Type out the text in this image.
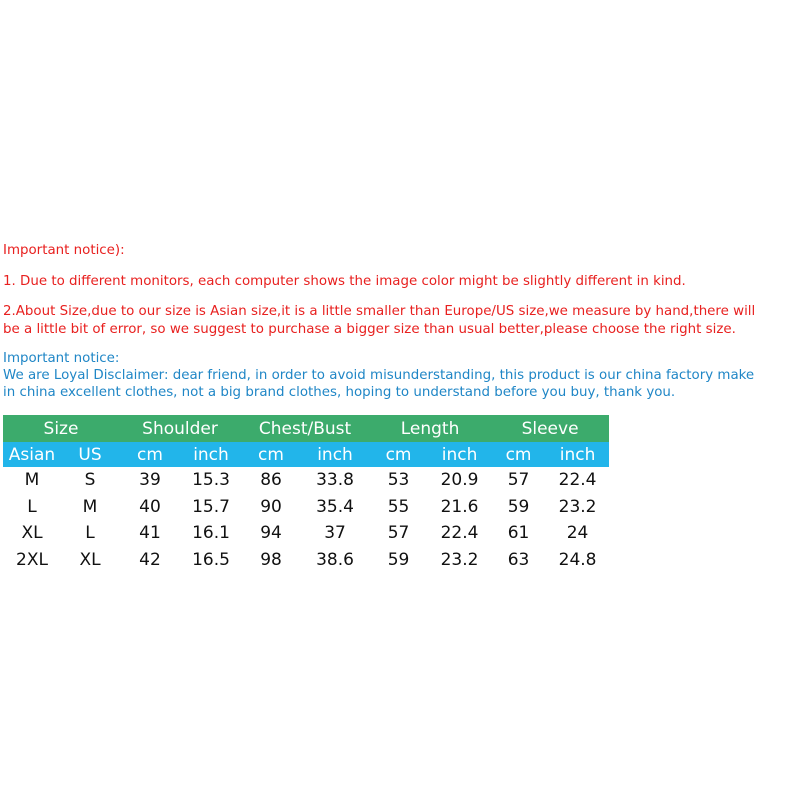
Important notice):
1. Due to different monitors, each computer shows the image color might be slightly different in kind.
2.About Size,due to our size is Asian size,it is a little smaller than Europe/US size,we measure by hand,there will
be a little bit of error, so we suggest to purchase a bigger size than usual better,please choose the right size.
Important notice:
We are Loyal Disclaimer: dear friend, in order to avoid misunderstanding, this product is our china factory make
in china excellent clothes, not a big brand clothes, hoping to understand before you buy, thank you.
Size		Shoulder		Chest/Bust		Length		Sleeve	
Asian	US	cm	inch	cm	inch	cm	inch	cm	inch
M	S	39	15.3	86	33.8	53	20.9	57	22.4
L	M	40	15.7	90	35.4	55	21.6	59	23.2
XL	L	41	16.1	94	37	57	22.4	61	24
2XL	XL	42	16.5	98	38.6	59	23.2	63	24.8
